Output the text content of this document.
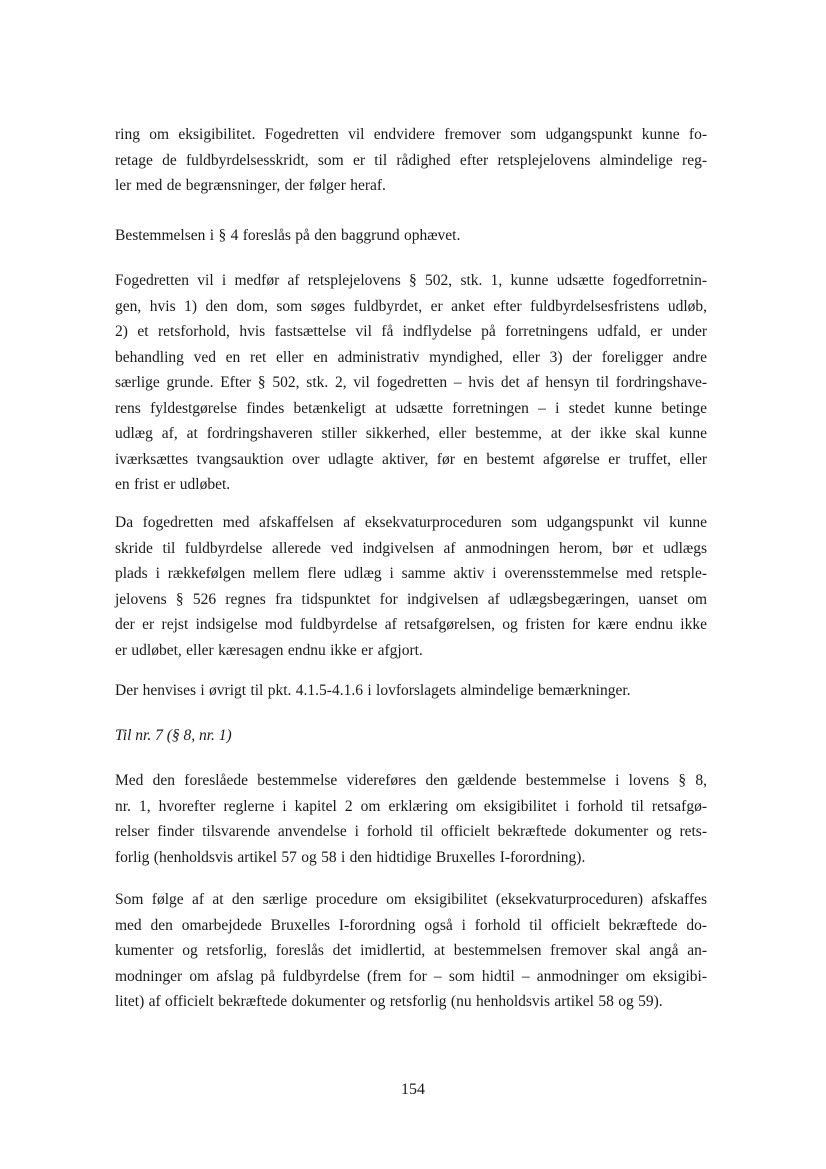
ring om eksigibilitet. Fogedretten vil endvidere fremover som udgangspunkt kunne fo-
retage de fuldbyrdelsesskridt, som er til rådighed efter retsplejelovens almindelige reg-
ler med de begrænsninger, der følger heraf.
Bestemmelsen i § 4 foreslås på den baggrund ophævet.
Fogedretten vil i medfør af retsplejelovens § 502, stk. 1, kunne udsætte fogedforretnin-
gen, hvis 1) den dom, som søges fuldbyrdet, er anket efter fuldbyrdelsesfristens udløb,
2) et retsforhold, hvis fastsættelse vil få indflydelse på forretningens udfald, er under
behandling ved en ret eller en administrativ myndighed, eller 3) der foreligger andre
særlige grunde. Efter § 502, stk. 2, vil fogedretten – hvis det af hensyn til fordringshave-
rens fyldestgørelse findes betænkeligt at udsætte forretningen – i stedet kunne betinge
udlæg af, at fordringshaveren stiller sikkerhed, eller bestemme, at der ikke skal kunne
iværksættes tvangsauktion over udlagte aktiver, før en bestemt afgørelse er truffet, eller
en frist er udløbet.
Da fogedretten med afskaffelsen af eksekvaturproceduren som udgangspunkt vil kunne
skride til fuldbyrdelse allerede ved indgivelsen af anmodningen herom, bør et udlægs
plads i rækkefølgen mellem flere udlæg i samme aktiv i overensstemmelse med retsple-
jelovens § 526 regnes fra tidspunktet for indgivelsen af udlægsbegæringen, uanset om
der er rejst indsigelse mod fuldbyrdelse af retsafgørelsen, og fristen for kære endnu ikke
er udløbet, eller kæresagen endnu ikke er afgjort.
Der henvises i øvrigt til pkt. 4.1.5-4.1.6 i lovforslagets almindelige bemærkninger.
Til nr. 7 (§ 8, nr. 1)
Med den foreslåede bestemmelse videreføres den gældende bestemmelse i lovens § 8,
nr. 1, hvorefter reglerne i kapitel 2 om erklæring om eksigibilitet i forhold til retsafgø-
relser finder tilsvarende anvendelse i forhold til officielt bekræftede dokumenter og rets-
forlig (henholdsvis artikel 57 og 58 i den hidtidige Bruxelles I-forordning).
Som følge af at den særlige procedure om eksigibilitet (eksekvaturproceduren) afskaffes
med den omarbejdede Bruxelles I-forordning også i forhold til officielt bekræftede do-
kumenter og retsforlig, foreslås det imidlertid, at bestemmelsen fremover skal angå an-
modninger om afslag på fuldbyrdelse (frem for – som hidtil – anmodninger om eksigibi-
litet) af officielt bekræftede dokumenter og retsforlig (nu henholdsvis artikel 58 og 59).
154
